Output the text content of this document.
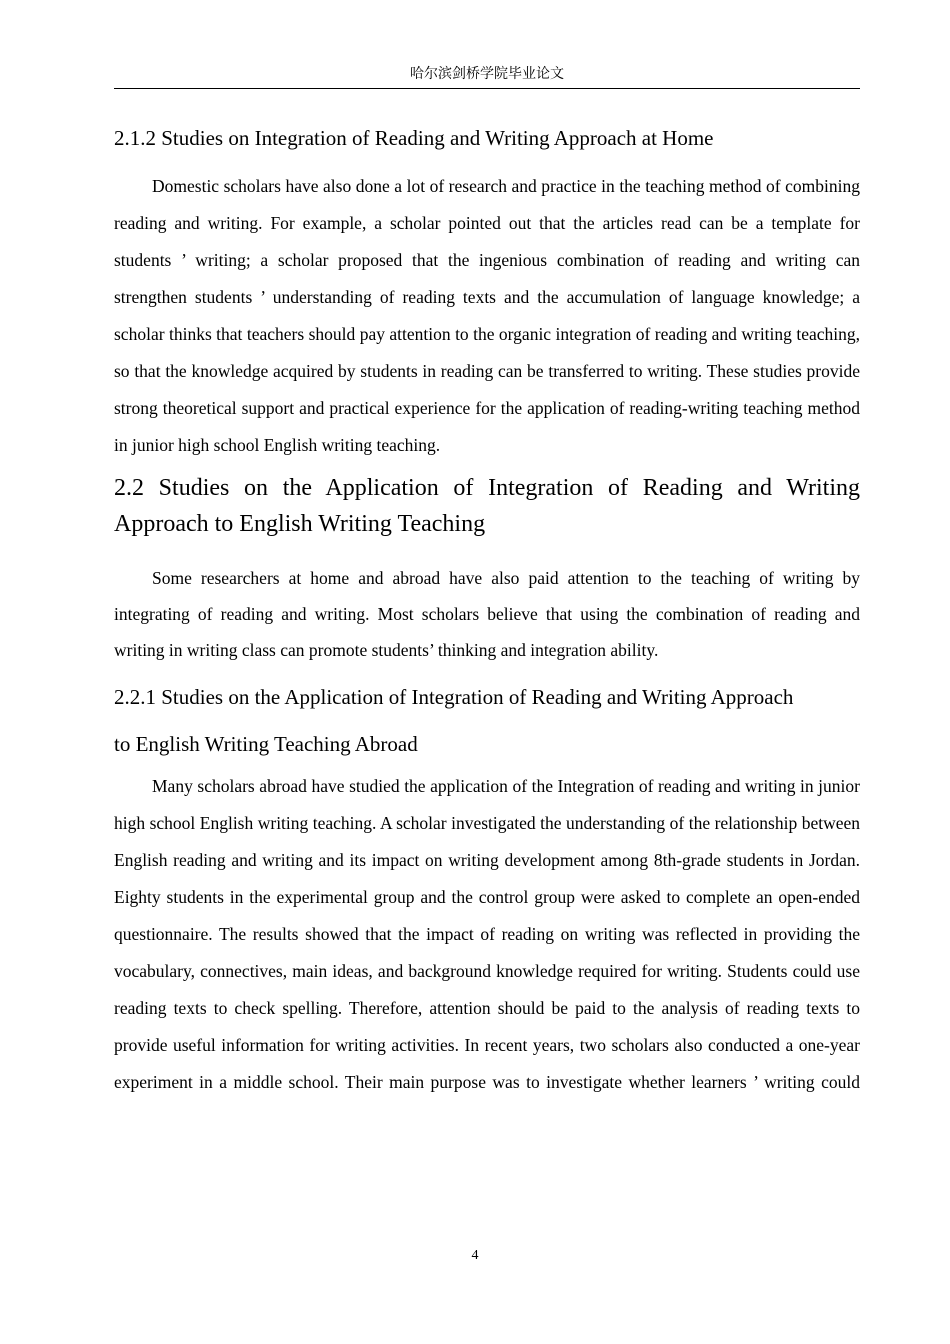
哈尔滨剑桥学院毕业论文
2.1.2 Studies on Integration of Reading and Writing Approach at Home

Domestic scholars have also done a lot of research and practice in the teaching method of combining reading and writing. For example, a scholar pointed out that the articles read can be a template for students ’ writing; a scholar proposed that the ingenious combination of reading and writing can strengthen students ’ understanding of reading texts and the accumulation of language knowledge; a scholar thinks that teachers should pay attention to the organic integration of reading and writing teaching, so that the knowledge acquired by students in reading can be transferred to writing. These studies provide strong theoretical support and practical experience for the application of reading-writing teaching method in junior high school English writing teaching.

2.2 Studies on the Application of Integration of Reading and Writing Approach to English Writing Teaching

Some researchers at home and abroad have also paid attention to the teaching of writing by integrating of reading and writing. Most scholars believe that using the combination of reading and writing in writing class can promote students’ thinking and integration ability.

2.2.1 Studies on the Application of Integration of Reading and Writing Approach
to English Writing Teaching Abroad

Many scholars abroad have studied the application of the Integration of reading and writing in junior high school English writing teaching. A scholar investigated the understanding of the relationship between English reading and writing and its impact on writing development among 8th-grade students in Jordan. Eighty students in the experimental group and the control group were asked to complete an open-ended questionnaire. The results showed that the impact of reading on writing was reflected in providing the vocabulary, connectives, main ideas, and background knowledge required for writing. Students could use reading texts to check spelling. Therefore, attention should be paid to the analysis of reading texts to provide useful information for writing activities. In recent years, two scholars also conducted a one-year experiment in a middle school. Their main purpose was to investigate whether learners ’ writing could

4
